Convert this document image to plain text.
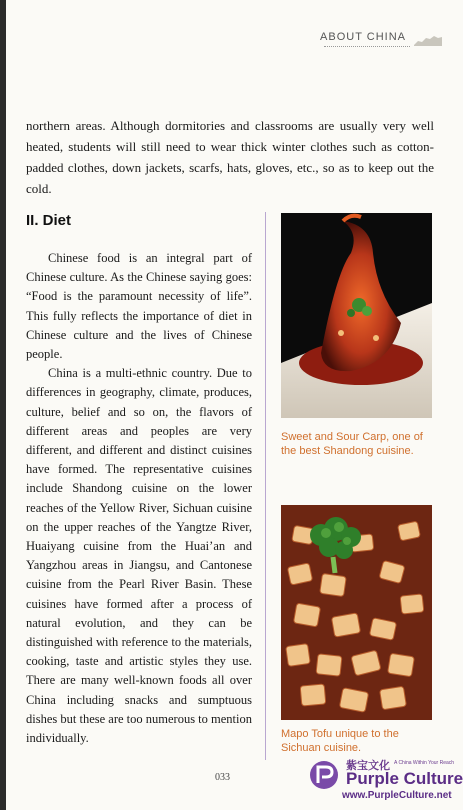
ABOUT CHINA

northern areas. Although dormitories and classrooms are usually very well heated, students will still need to wear thick winter clothes such as cotton-padded clothes, down jackets, scarfs, hats, gloves, etc., so as to keep out the cold.

II. Diet

Chinese food is an integral part of Chinese culture. As the Chinese saying goes: “Food is the paramount necessity of life”. This fully reflects the importance of diet in Chinese culture and the lives of Chinese people.

China is a multi-ethnic country. Due to differences in geography, climate, produces, culture, belief and so on, the flavors of different areas and peoples are very different, and different and distinct cuisines have formed. The representative cuisines include Shandong cuisine on the lower reaches of the Yellow River, Sichuan cuisine on the upper reaches of the Yangtze River, Huaiyang cuisine from the Huai’an and Yangzhou areas in Jiangsu, and Cantonese cuisine from the Pearl River Basin. These cuisines have formed after a process of natural evolution, and they can be distinguished with reference to the materials, cooking, taste and artistic styles they use. There are many well-known foods all over China including snacks and sumptuous dishes but these are too numerous to mention individually.

Sweet and Sour Carp, one of the best Shandong cuisine.
Mapo Tofu unique to the Sichuan cuisine.
033
紫宝文化 A China Within Your Reach
Purple Culture
www.PurpleCulture.net
